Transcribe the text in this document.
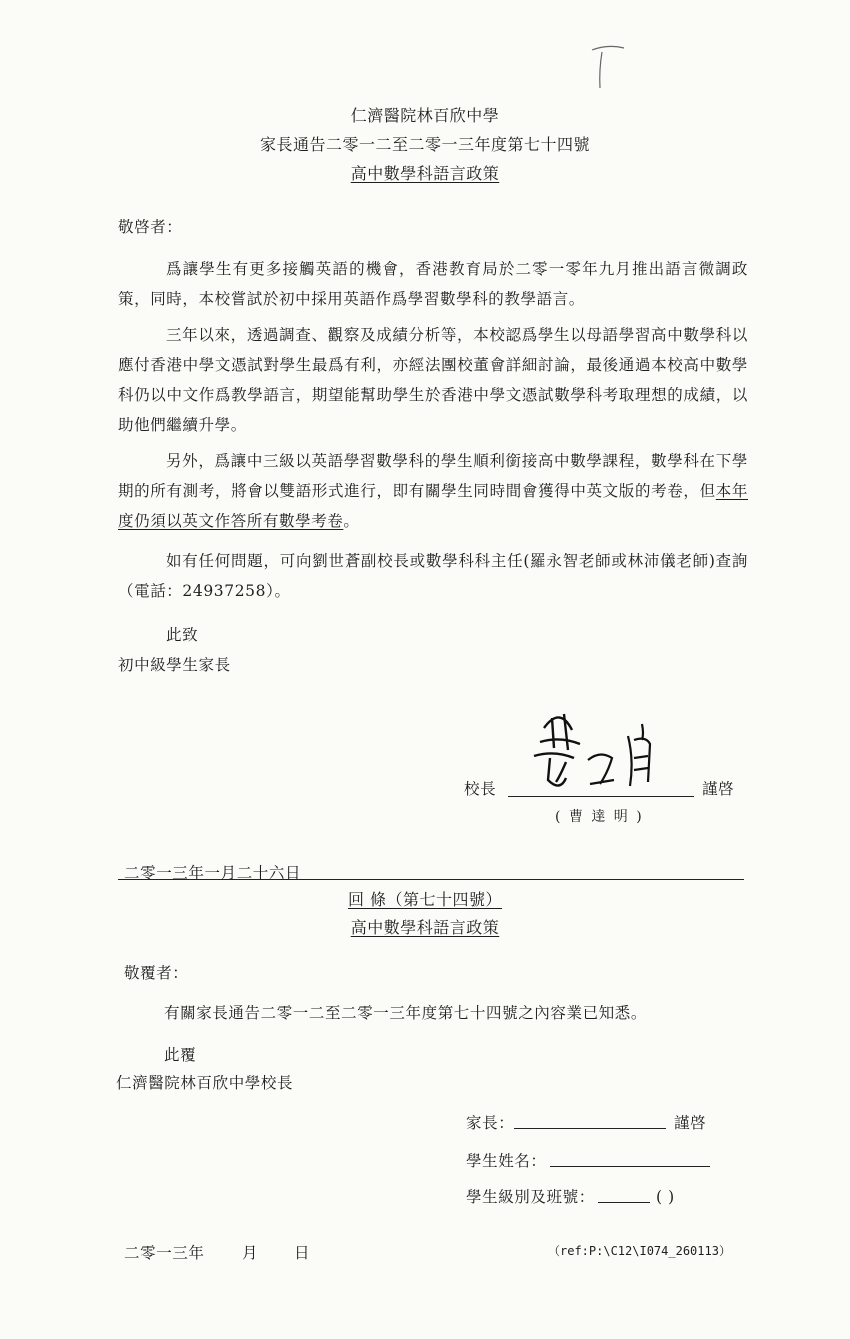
仁濟醫院林百欣中學
家長通告二零一二至二零一三年度第七十四號
高中數學科語言政策
敬啓者：

爲讓學生有更多接觸英語的機會，香港教育局於二零一零年九月推出語言微調政策，同時，本校嘗試於初中採用英語作爲學習數學科的教學語言。

三年以來，透過調查、觀察及成績分析等，本校認爲學生以母語學習高中數學科以應付香港中學文憑試對學生最爲有利，亦經法團校董會詳細討論，最後通過本校高中數學科仍以中文作爲教學語言，期望能幫助學生於香港中學文憑試數學科考取理想的成績，以助他們繼續升學。

另外，爲讓中三級以英語學習數學科的學生順利銜接高中數學課程，數學科在下學期的所有測考，將會以雙語形式進行，即有關學生同時間會獲得中英文版的考卷，但本年度仍須以英文作答所有數學考卷。

如有任何問題，可向劉世蒼副校長或數學科科主任(羅永智老師或林沛儀老師)查詢（電話：24937258）。

此致
初中級學生家長
校長	謹啓
( 曹 達 明 )
二零一三年一月二十六日
回 條（第七十四號）
高中數學科語言政策
敬覆者：
有關家長通告二零一二至二零一三年度第七十四號之內容業已知悉。
此覆
仁濟醫院林百欣中學校長
家長：	謹啓
學生姓名：
學生級別及班號：	( )
二零一三年 月 日	（ref:P:\C12\I074_260113）
